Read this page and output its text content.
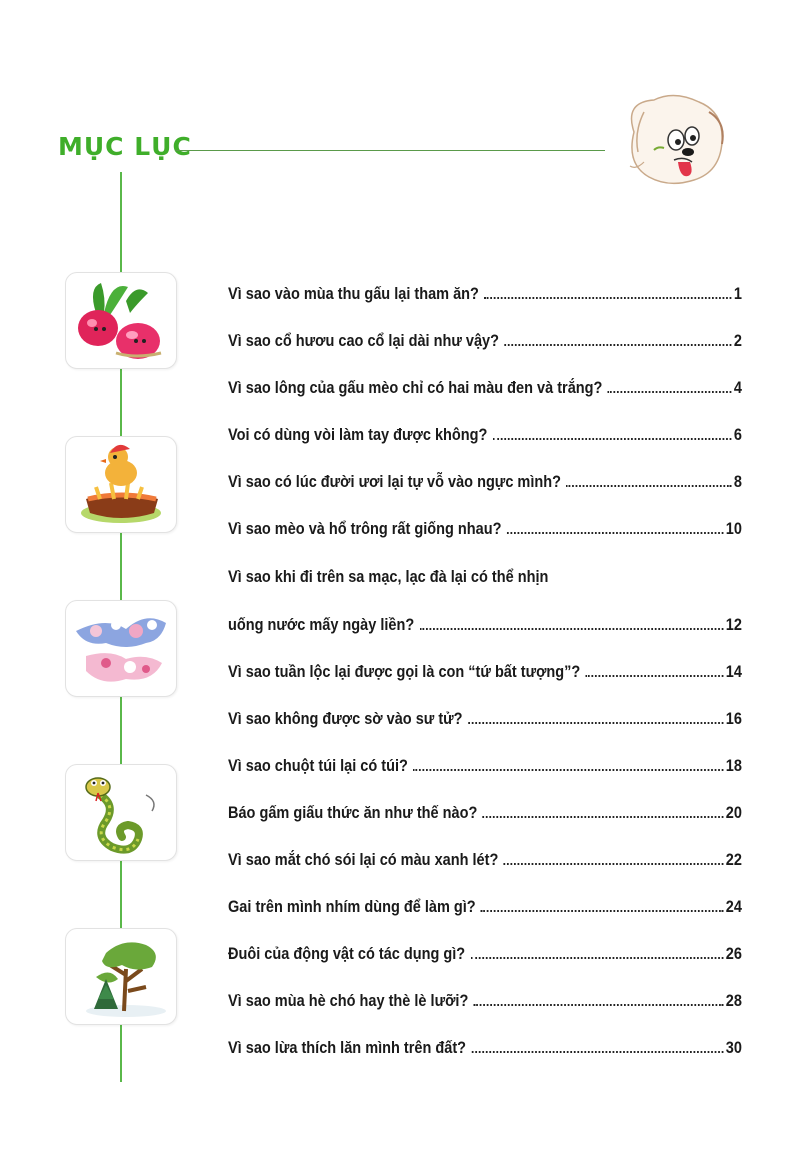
MỤC LỤC
Vì sao vào mùa thu gấu lại tham ăn?	1
Vì sao cổ hươu cao cổ lại dài như vậy?	2
Vì sao lông của gấu mèo chỉ có hai màu đen và trắng?	4
Voi có dùng vòi làm tay được không?	6
Vì sao có lúc đười ươi lại tự vỗ vào ngực mình?	8
Vì sao mèo và hổ trông rất giống nhau?	10
Vì sao khi đi trên sa mạc, lạc đà lại có thể nhịn
uống nước mấy ngày liền?	12
Vì sao tuần lộc lại được gọi là con “tứ bất tượng”?	14
Vì sao không được sờ vào sư tử?	16
Vì sao chuột túi lại có túi?	18
Báo gấm giấu thức ăn như thế nào?	20
Vì sao mắt chó sói lại có màu xanh lét?	22
Gai trên mình nhím dùng để làm gì?	24
Đuôi của động vật có tác dụng gì?	26
Vì sao mùa hè chó hay thè lè lưỡi?	28
Vì sao lừa thích lăn mình trên đất?	30
